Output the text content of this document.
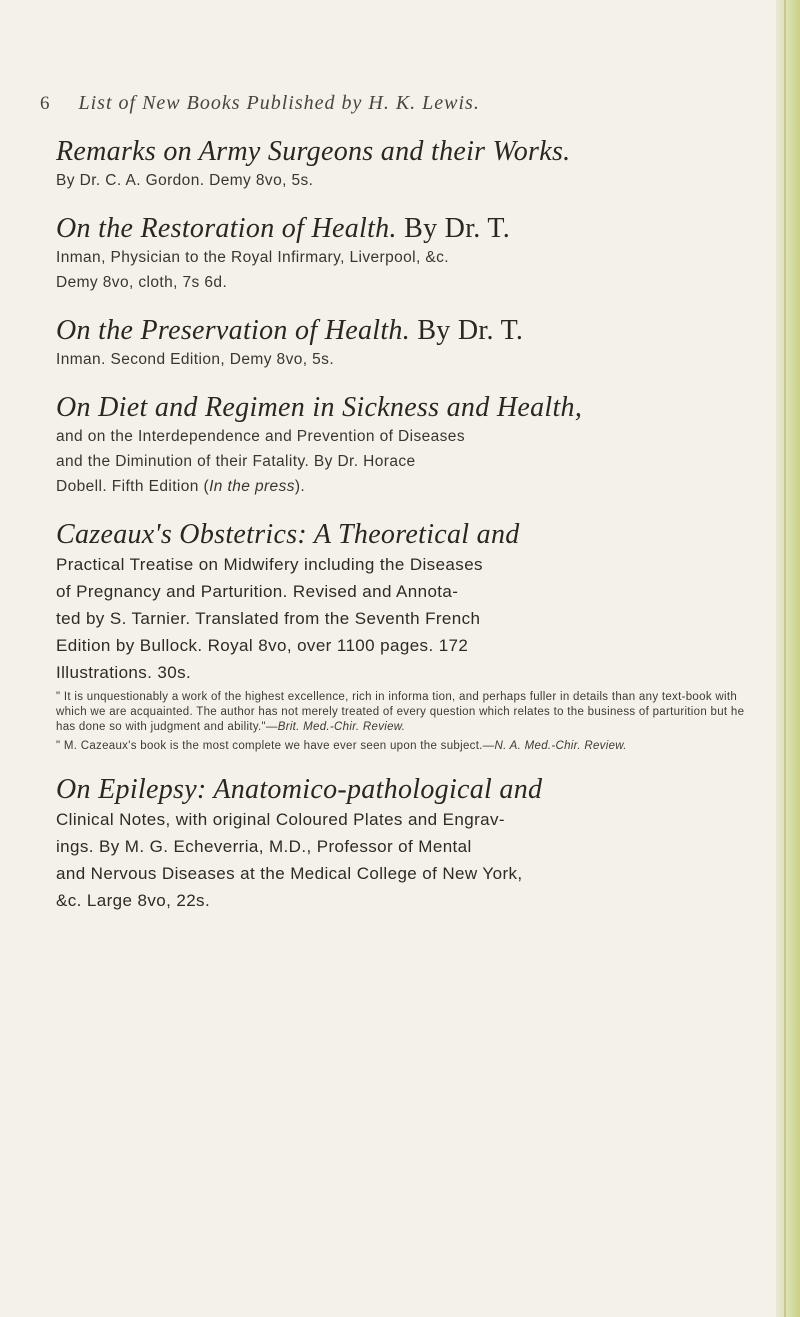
6 List of New Books Published by H. K. Lewis.
Remarks on Army Surgeons and their Works.
By Dr. C. A. Gordon. Demy 8vo, 5s.
On the Restoration of Health. By Dr. T.
Inman, Physician to the Royal Infirmary, Liverpool, &c.
Demy 8vo, cloth, 7s 6d.
On the Preservation of Health. By Dr. T.
Inman. Second Edition, Demy 8vo, 5s.
On Diet and Regimen in Sickness and Health,
and on the Interdependence and Prevention of Diseases
and the Diminution of their Fatality. By Dr. Horace
Dobell. Fifth Edition (In the press).
Cazeaux's Obstetrics: A Theoretical and
Practical Treatise on Midwifery including the Diseases
of Pregnancy and Parturition. Revised and Annota-
ted by S. Tarnier. Translated from the Seventh French
Edition by Bullock. Royal 8vo, over 1100 pages. 172
Illustrations. 30s.

" It is unquestionably a work of the highest excellence, rich in informa tion, and perhaps fuller in details than any text-book with which we are acquainted. The author has not merely treated of every question which relates to the business of parturition but he has done so with judgment and ability."—Brit. Med.-Chir. Review.

" M. Cazeaux's book is the most complete we have ever seen upon the subject.—N. A. Med.-Chir. Review.

On Epilepsy: Anatomico-pathological and
Clinical Notes, with original Coloured Plates and Engrav-
ings. By M. G. Echeverria, M.D., Professor of Mental
and Nervous Diseases at the Medical College of New York,
&c. Large 8vo, 22s.
